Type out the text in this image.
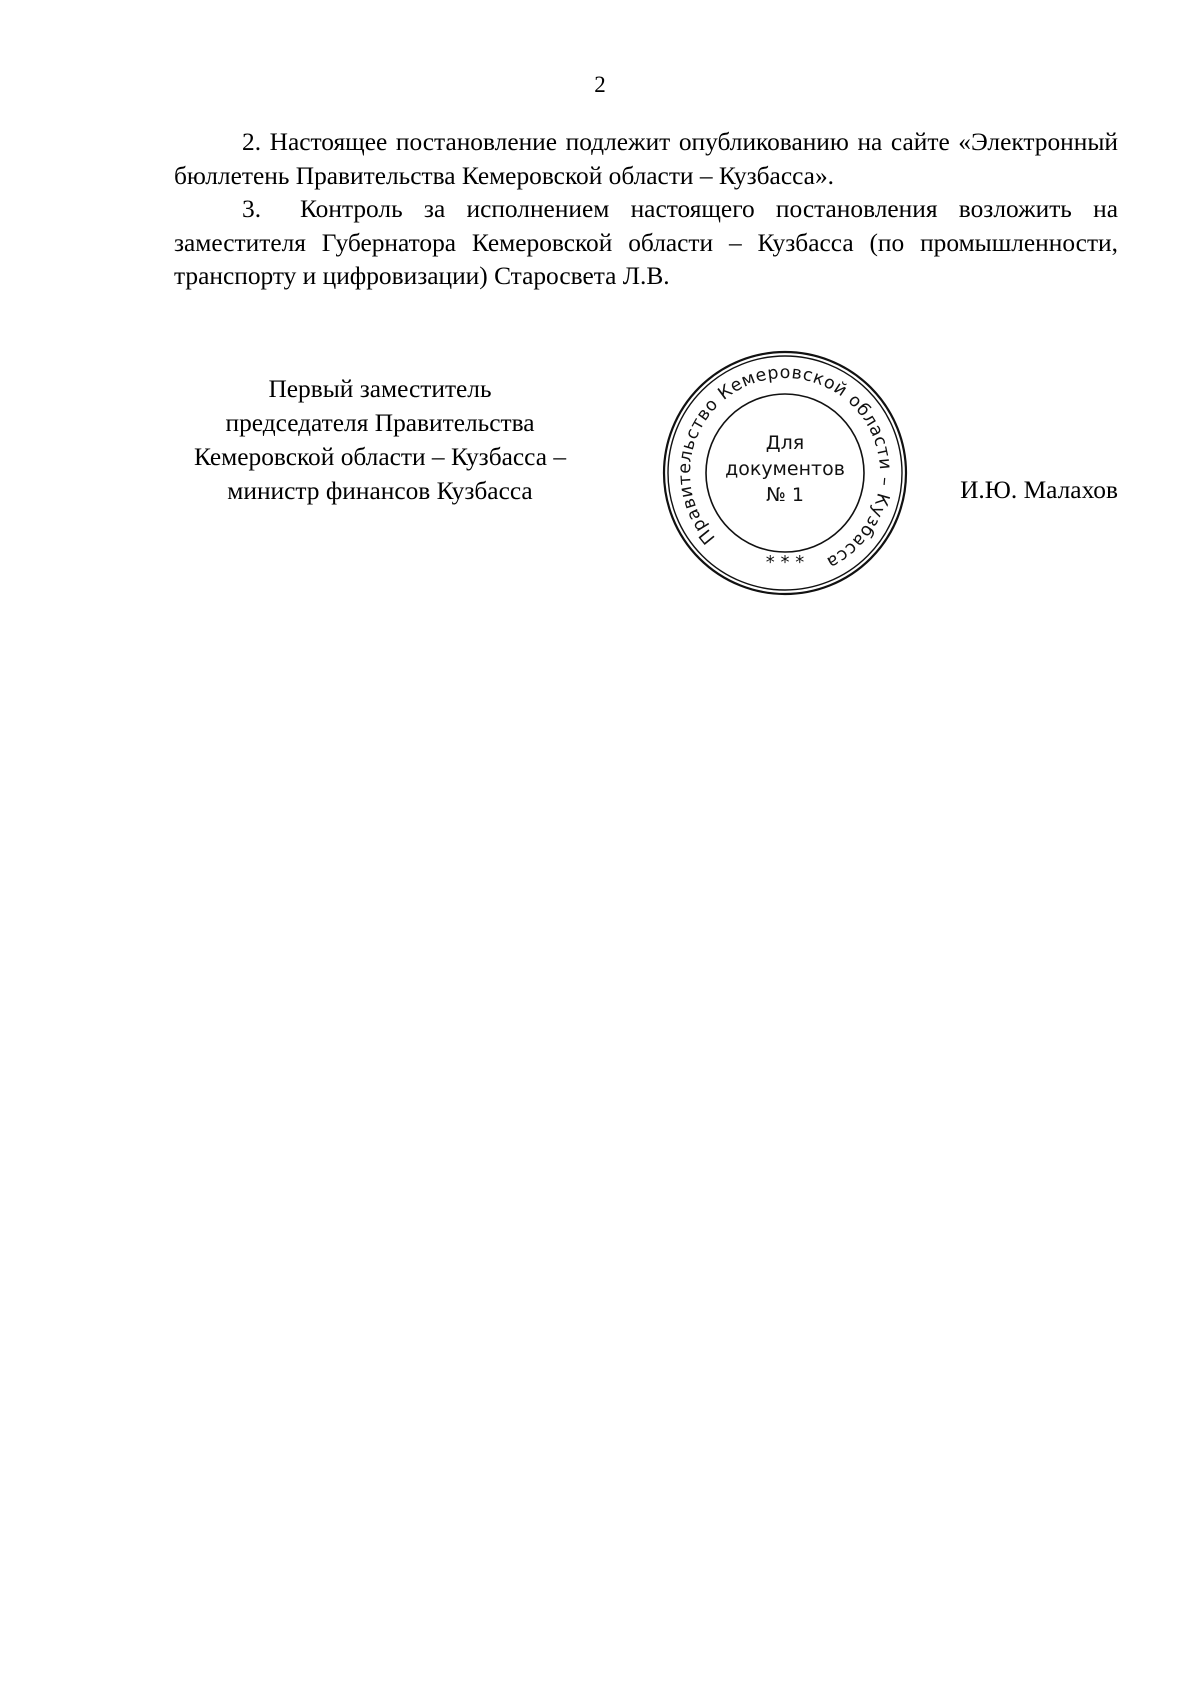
2

2. Настоящее постановление подлежит опубликованию на сайте «Электронный бюллетень Правительства Кемеровской области – Кузбасса».

3. Контроль за исполнением настоящего постановления возложить на заместителя Губернатора Кемеровской области – Кузбасса (по промышленности, транспорту и цифровизации) Старосвета Л.В.

Первый заместитель
председателя Правительства
Кемеровской области – Кузбасса –
министр финансов Кузбасса
Правительство Кемеровской области – Кузбасса
Для
документов
№ 1
* * *
И.Ю. Малахов
